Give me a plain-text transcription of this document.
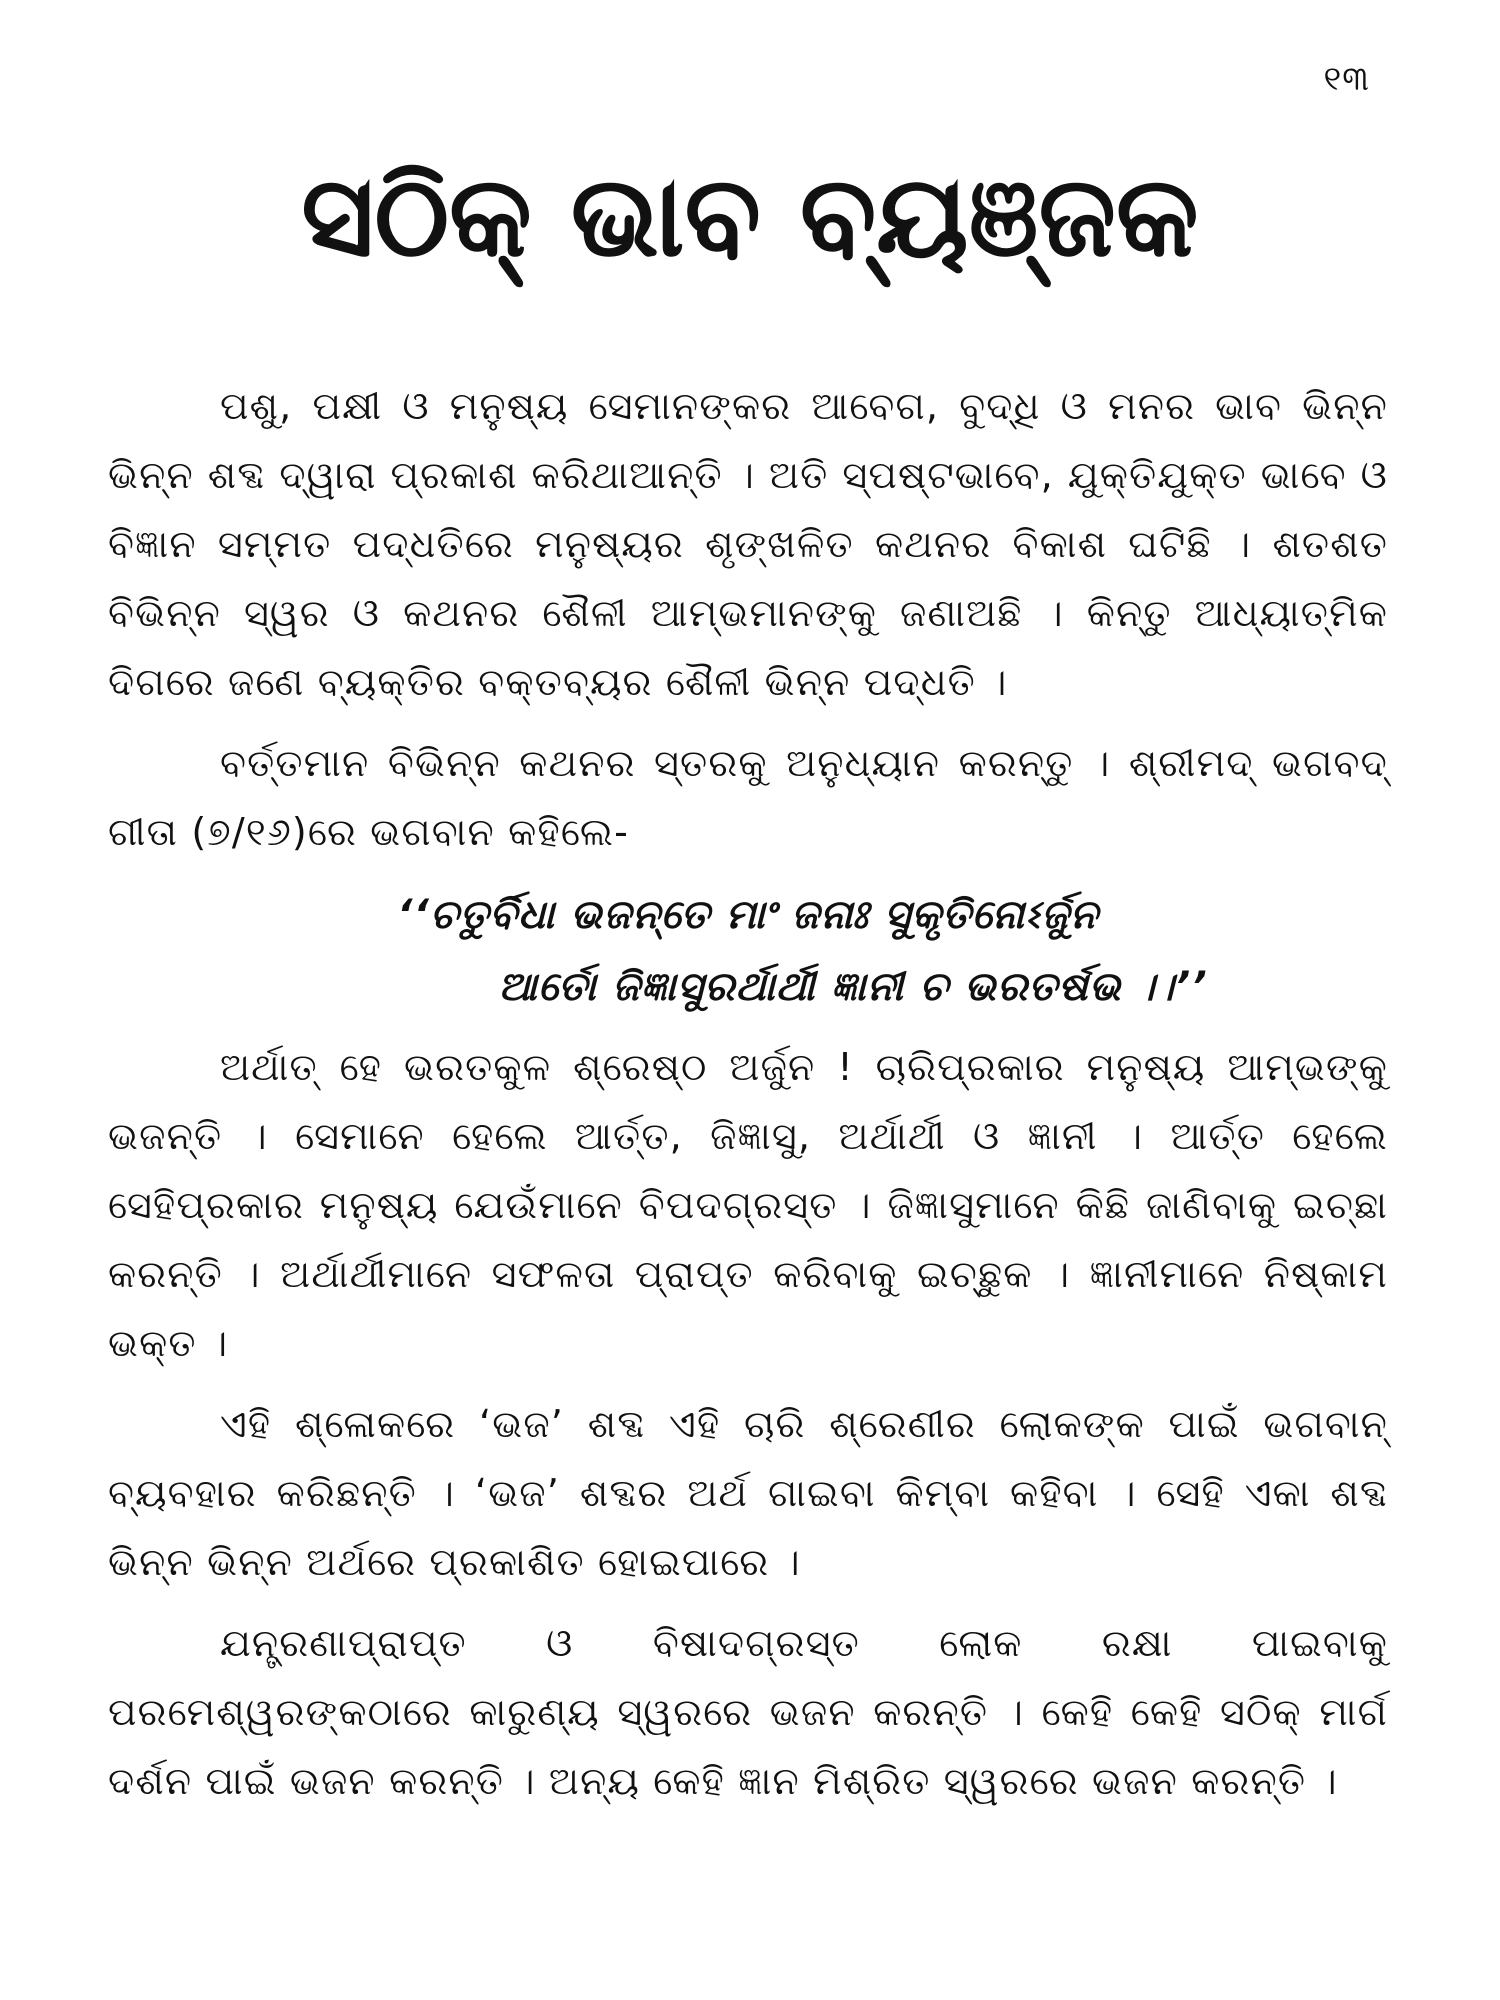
୧୩
ସଠିକ୍ ଭାବ ବ୍ୟଞ୍ଜକ

ପଶୁ, ପକ୍ଷୀ ଓ ମନୁଷ୍ୟ ସେମାନଙ୍କର ଆବେଗ, ବୁଦ୍ଧି ଓ ମନର ଭାବ ଭିନ୍ନ ଭିନ୍ନ ଶବ୍ଦ ଦ୍ୱାରା ପ୍ରକାଶ କରିଥାଆନ୍ତି । ଅତି ସ୍ପଷ୍ଟଭାବେ, ଯୁକ୍ତିଯୁକ୍ତ ଭାବେ ଓ ବିଜ୍ଞାନ ସମ୍ମତ ପଦ୍ଧତିରେ ମନୁଷ୍ୟର ଶୃଙ୍ଖଳିତ କଥନର ବିକାଶ ଘଟିଛି । ଶତଶତ ବିଭିନ୍ନ ସ୍ୱର ଓ କଥନର ଶୈଳୀ ଆମ୍ଭମାନଙ୍କୁ ଜଣାଅଛି । କିନ୍ତୁ ଆଧ୍ୟାତ୍ମିକ ଦିଗରେ ଜଣେ ବ୍ୟକ୍ତିର ବକ୍ତବ୍ୟର ଶୈଳୀ ଭିନ୍ନ ପଦ୍ଧତି ।

ବର୍ତ୍ତମାନ ବିଭିନ୍ନ କଥନର ସ୍ତରକୁ ଅନୁଧ୍ୟାନ କରନ୍ତୁ । ଶ୍ରୀମଦ୍ ଭଗବଦ୍ ଗୀତା (୭/୧୬)ରେ ଭଗବାନ କହିଲେ-

‘‘ଚତୁର୍ବିଧା ଭଜନ୍ତେ ମାଂ ଜନାଃ ସୁକୃତିନୋଽର୍ଜୁନ
ଆର୍ତୋ ଜିଜ୍ଞାସୁରର୍ଥାର୍ଥୀ ଜ୍ଞାନୀ ଚ ଭରତର୍ଷଭ ।।’’

ଅର୍ଥାତ୍ ହେ ଭରତକୁଳ ଶ୍ରେଷ୍ଠ ଅର୍ଜୁନ ! ଚାରିପ୍ରକାର ମନୁଷ୍ୟ ଆମ୍ଭଙ୍କୁ ଭଜନ୍ତି । ସେମାନେ ହେଲେ ଆର୍ତ୍ତ, ଜିଜ୍ଞାସୁ, ଅର୍ଥାର୍ଥୀ ଓ ଜ୍ଞାନୀ । ଆର୍ତ୍ତ ହେଲେ ସେହିପ୍ରକାର ମନୁଷ୍ୟ ଯେଉଁମାନେ ବିପଦଗ୍ରସ୍ତ । ଜିଜ୍ଞାସୁମାନେ କିଛି ଜାଣିବାକୁ ଇଚ୍ଛା କରନ୍ତି । ଅର୍ଥାର୍ଥୀମାନେ ସଫଳତା ପ୍ରାପ୍ତ କରିବାକୁ ଇଚ୍ଛୁକ । ଜ୍ଞାନୀମାନେ ନିଷ୍କାମ ଭକ୍ତ ।

ଏହି ଶ୍ଳୋକରେ ‘ଭଜ’ ଶବ୍ଦ ଏହି ଚାରି ଶ୍ରେଣୀର ଲୋକଙ୍କ ପାଇଁ ଭଗବାନ୍ ବ୍ୟବହାର କରିଛନ୍ତି । ‘ଭଜ’ ଶବ୍ଦର ଅର୍ଥ ଗାଇବା କିମ୍ବା କହିବା । ସେହି ଏକା ଶବ୍ଦ ଭିନ୍ନ ଭିନ୍ନ ଅର୍ଥରେ ପ୍ରକାଶିତ ହୋଇପାରେ ।

ଯନ୍ତ୍ରଣାପ୍ରାପ୍ତ ଓ ବିଷାଦଗ୍ରସ୍ତ ଲୋକ ରକ୍ଷା ପାଇବାକୁ ପରମେଶ୍ୱରଙ୍କଠାରେ କାରୁଣ୍ୟ ସ୍ୱରରେ ଭଜନ କରନ୍ତି । କେହି କେହି ସଠିକ୍ ମାର୍ଗ ଦର୍ଶନ ପାଇଁ ଭଜନ କରନ୍ତି । ଅନ୍ୟ କେହି ଜ୍ଞାନ ମିଶ୍ରିତ ସ୍ୱରରେ ଭଜନ କରନ୍ତି ।
